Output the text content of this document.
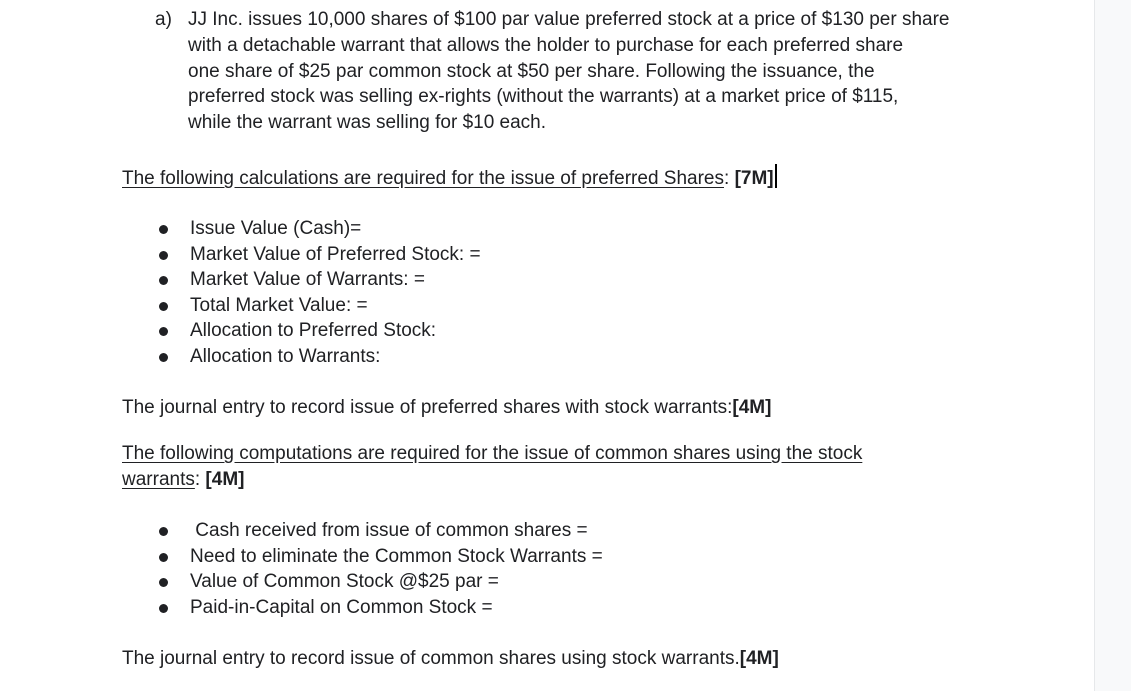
a) JJ Inc. issues 10,000 shares of $100 par value preferred stock at a price of $130 per share
with a detachable warrant that allows the holder to purchase for each preferred share
one share of $25 par common stock at $50 per share. Following the issuance, the
preferred stock was selling ex-rights (without the warrants) at a market price of $115,
while the warrant was selling for $10 each.
The following calculations are required for the issue of preferred Shares: [7M]
Issue Value (Cash)=
Market Value of Preferred Stock: =
Market Value of Warrants: =
Total Market Value: =
Allocation to Preferred Stock:
Allocation to Warrants:
The journal entry to record issue of preferred shares with stock warrants:[4M]
The following computations are required for the issue of common shares using the stock
warrants: [4M]
Cash received from issue of common shares =
Need to eliminate the Common Stock Warrants =
Value of Common Stock @$25 par =
Paid-in-Capital on Common Stock =
The journal entry to record issue of common shares using stock warrants.[4M]
